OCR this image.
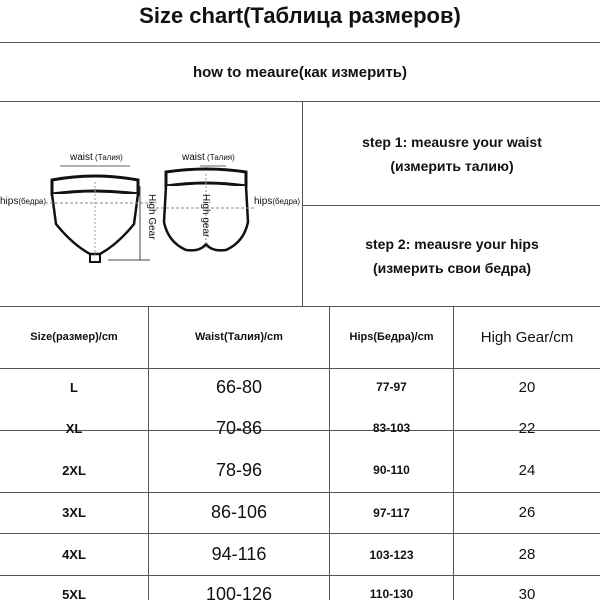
Size chart(Таблица размеров)
how to meaure(как измерить)
waist (Талия)
hips(бедра)	High Gear
waist (Талия)
High gear	hips(бедра)
step 1: meausre your waist
(измерить талию)
step 2: meausre your hips
(измерить свои бедра)
Size(размер)/cm	Waist(Талия)/cm	Hips(Бедра)/cm	High Gear/cm
L	66-80	77-97	20
XL	70-86	83-103	22
2XL	78-96	90-110	24
3XL	86-106	97-117	26
4XL	94-116	103-123	28
5XL	100-126	110-130	30
